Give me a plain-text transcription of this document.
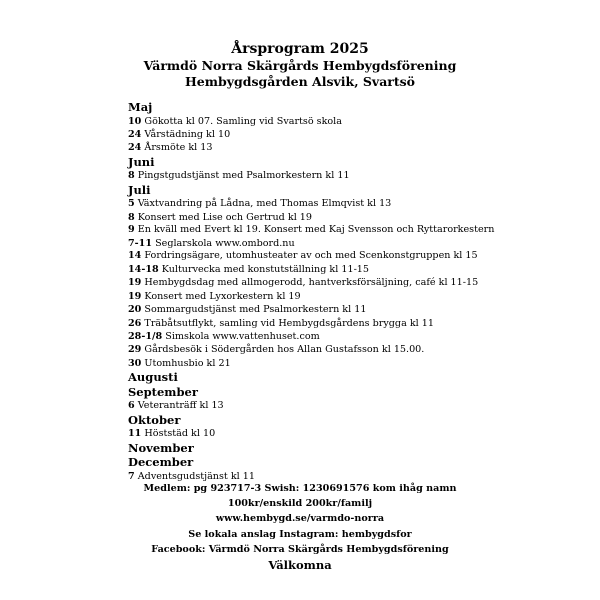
Årsprogram 2025
Värmdö Norra Skärgårds Hembygdsförening
Hembygdsgården Alsvik, Svartsö
Maj
10 Gökotta kl 07. Samling vid Svartsö skola
24 Vårstädning kl 10
24 Årsmöte kl 13
Juni
8 Pingstgudstjänst med Psalmorkestern kl 11
Juli
5 Växtvandring på Lådna, med Thomas Elmqvist kl 13
8 Konsert med Lise och Gertrud kl 19
9 En kväll med Evert kl 19. Konsert med Kaj Svensson och Ryttarorkestern
7-11 Seglarskola www.ombord.nu
14 Fordringsägare, utomhusteater av och med Scenkonstgruppen kl 15
14-18 Kulturvecka med konstutställning kl 11-15
19 Hembygdsdag med allmogerodd, hantverksförsäljning, café kl 11-15
19 Konsert med Lyxorkestern kl 19
20 Sommargudstjänst med Psalmorkestern kl 11
26 Träbåtsutflykt, samling vid Hembygdsgårdens brygga kl 11
28-1/8 Simskola www.vattenhuset.com
29 Gårdsbesök i Södergården hos Allan Gustafsson kl 15.00.
30 Utomhusbio kl 21
Augusti
September
6 Veteranträff kl 13
Oktober
11 Höststäd kl 10
November
December
7 Adventsgudstjänst kl 11
Medlem: pg 923717-3 Swish: 1230691576 kom ihåg namn
100kr/enskild 200kr/familj
www.hembygd.se/varmdo-norra
Se lokala anslag Instagram: hembygdsfor
Facebook: Värmdö Norra Skärgårds Hembygdsförening
Välkomna
